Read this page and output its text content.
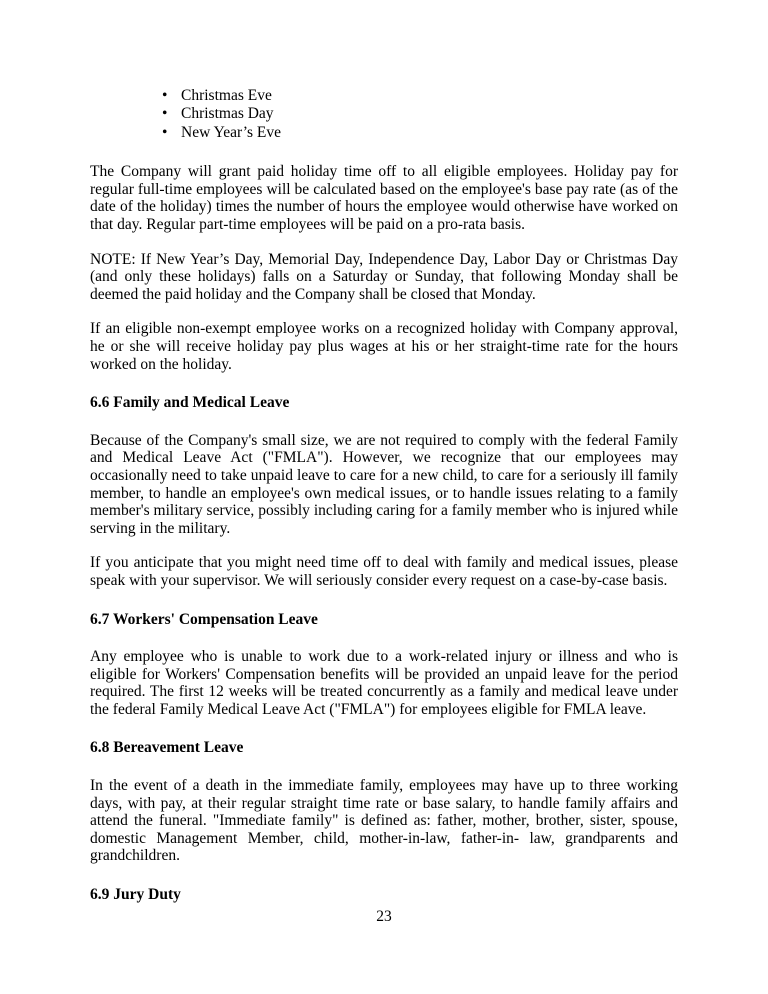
• Christmas Eve
• Christmas Day
• New Year’s Eve

The Company will grant paid holiday time off to all eligible employees. Holiday pay for regular full-time employees will be calculated based on the employee's base pay rate (as of the date of the holiday) times the number of hours the employee would otherwise have worked on that day. Regular part-time employees will be paid on a pro-rata basis.

NOTE: If New Year’s Day, Memorial Day, Independence Day, Labor Day or Christmas Day (and only these holidays) falls on a Saturday or Sunday, that following Monday shall be deemed the paid holiday and the Company shall be closed that Monday.

If an eligible non-exempt employee works on a recognized holiday with Company approval, he or she will receive holiday pay plus wages at his or her straight-time rate for the hours worked on the holiday.

6.6 Family and Medical Leave

Because of the Company's small size, we are not required to comply with the federal Family and Medical Leave Act ("FMLA"). However, we recognize that our employees may occasionally need to take unpaid leave to care for a new child, to care for a seriously ill family member, to handle an employee's own medical issues, or to handle issues relating to a family member's military service, possibly including caring for a family member who is injured while serving in the military.

If you anticipate that you might need time off to deal with family and medical issues, please speak with your supervisor. We will seriously consider every request on a case-by-case basis.

6.7 Workers' Compensation Leave

Any employee who is unable to work due to a work-related injury or illness and who is eligible for Workers' Compensation benefits will be provided an unpaid leave for the period required. The first 12 weeks will be treated concurrently as a family and medical leave under the federal Family Medical Leave Act ("FMLA") for employees eligible for FMLA leave.

6.8 Bereavement Leave

In the event of a death in the immediate family, employees may have up to three working days, with pay, at their regular straight time rate or base salary, to handle family affairs and attend the funeral. "Immediate family" is defined as: father, mother, brother, sister, spouse, domestic Management Member, child, mother-in-law, father-in- law, grandparents and grandchildren.

6.9 Jury Duty
23
